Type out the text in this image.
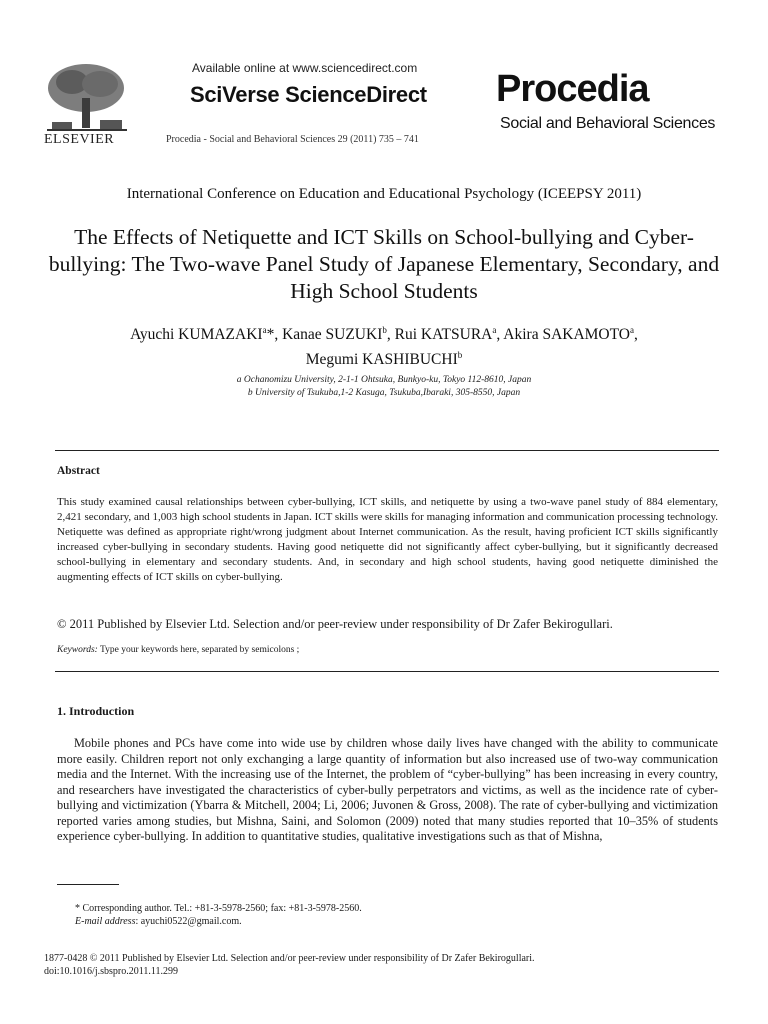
ELSEVIER
Available online at www.sciencedirect.com
SciVerse ScienceDirect
Procedia - Social and Behavioral Sciences 29 (2011) 735 – 741
Procedia
Social and Behavioral Sciences
International Conference on Education and Educational Psychology (ICEEPSY 2011)
The Effects of Netiquette and ICT Skills on School-bullying and Cyber-bullying: The Two-wave Panel Study of Japanese Elementary, Secondary, and High School Students
Ayuchi KUMAZAKI$^a$*, Kanae SUZUKI$^b$, Rui KATSURA$^a$, Akira SAKAMOTO$^a$,
Megumi KASHIBUCHI$^b$
a Ochanomizu University, 2-1-1 Ohtsuka, Bunkyo-ku, Tokyo 112-8610, Japan
b University of Tsukuba,1-2 Kasuga, Tsukuba,Ibaraki, 305-8550, Japan
Abstract
This study examined causal relationships between cyber-bullying, ICT skills, and netiquette by using a two-wave panel study of 884 elementary, 2,421 secondary, and 1,003 high school students in Japan. ICT skills were skills for managing information and communication processing technology. Netiquette was defined as appropriate right/wrong judgment about Internet communication. As the result, having proficient ICT skills significantly increased cyber-bullying in secondary students. Having good netiquette did not significantly affect cyber-bullying, but it significantly decreased school-bullying in elementary and secondary students. And, in secondary and high school students, having good netiquette diminished the augmenting effects of ICT skills on cyber-bullying.
© 2011 Published by Elsevier Ltd. Selection and/or peer-review under responsibility of Dr Zafer Bekirogullari.
Keywords: Type your keywords here, separated by semicolons ;
1. Introduction
Mobile phones and PCs have come into wide use by children whose daily lives have changed with the ability to communicate more easily. Children report not only exchanging a large quantity of information but also increased use of two-way communication media and the Internet. With the increasing use of the Internet, the problem of “cyber-bullying” has been increasing in every country, and researchers have investigated the characteristics of cyber-bully perpetrators and victims, as well as the incidence rate of cyber-bullying and victimization (Ybarra & Mitchell, 2004; Li, 2006; Juvonen & Gross, 2008). The rate of cyber-bullying and victimization reported varies among studies, but Mishna, Saini, and Solomon (2009) noted that many studies reported that 10–35% of students experience cyber-bullying. In addition to quantitative studies, qualitative investigations such as that of Mishna,
* Corresponding author. Tel.: +81-3-5978-2560; fax: +81-3-5978-2560.
E-mail address: ayuchi0522@gmail.com.
1877-0428 © 2011 Published by Elsevier Ltd. Selection and/or peer-review under responsibility of Dr Zafer Bekirogullari.
doi:10.1016/j.sbspro.2011.11.299
